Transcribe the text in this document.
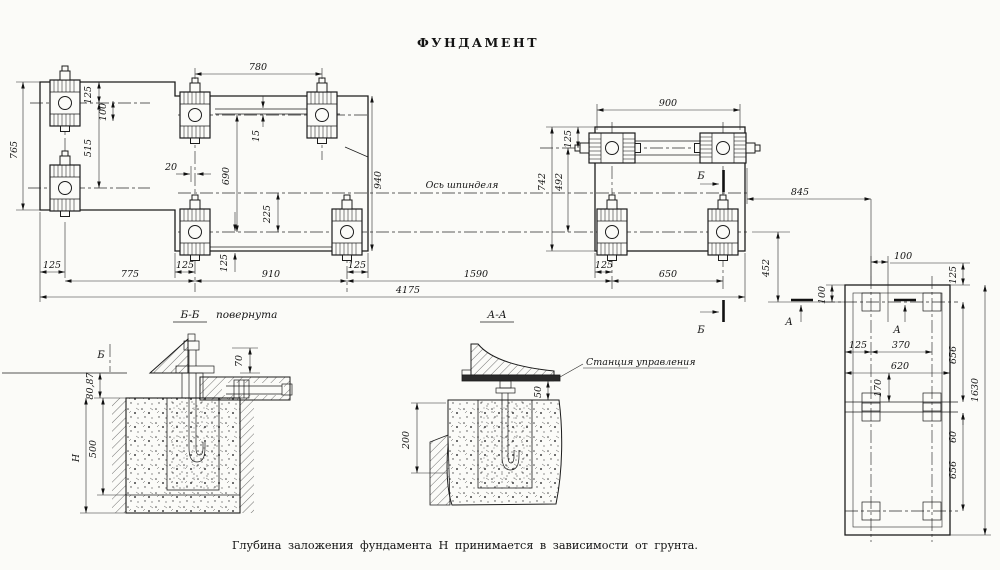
ФУНДАМЕНТ
Ось шпинделя
765
125
100
515
780
20	690
225
15
940
900
125
742 492
125	125	125	125
125
775	910	1590	650
4175
845
452
Б
Б
А
А
100
100
125
125	370
620
170
656
60
656
1630
Б-Б повернута
Б	70
80,87
500
Н
А-А
Станция управления
50
200
Глубина заложения фундамента Н принимается в зависимости от грунта.
